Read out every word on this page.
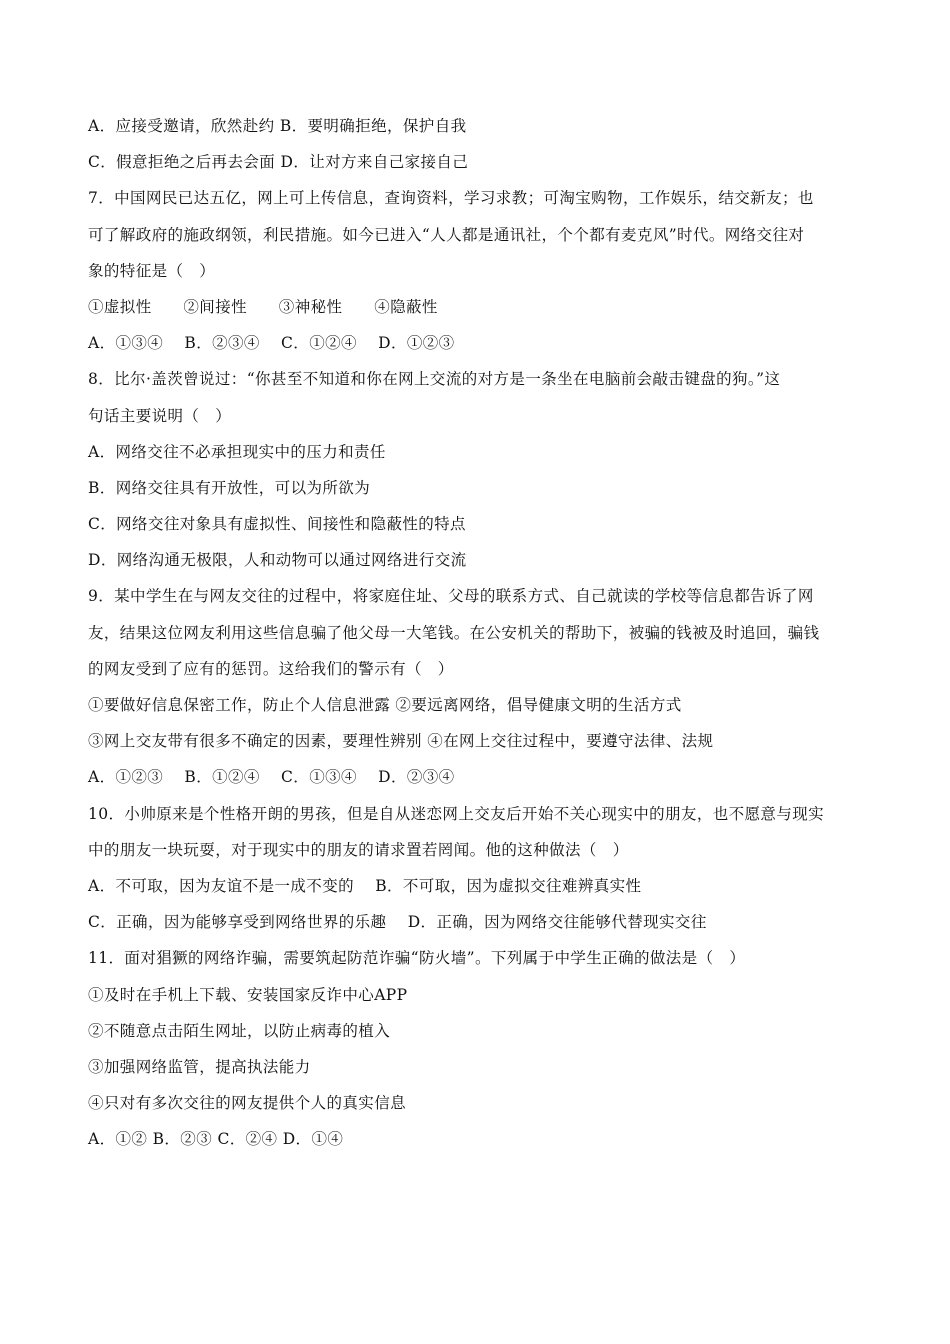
A．应接受邀请，欣然赴约 B．要明确拒绝，保护自我
C．假意拒绝之后再去会面 D．让对方来自己家接自己
7．中国网民已达五亿，网上可上传信息，查询资料，学习求教；可淘宝购物，工作娱乐，结交新友；也
可了解政府的施政纲领，利民措施。如今已进入“人人都是通讯社，个个都有麦克风”时代。网络交往对
象的特征是（　）
①虚拟性　　②间接性　　③神秘性　　④隐蔽性
A．①③④　 B．②③④　 C．①②④　 D．①②③
8．比尔·盖茨曾说过：“你甚至不知道和你在网上交流的对方是一条坐在电脑前会敲击键盘的狗。”这
句话主要说明（　）
A．网络交往不必承担现实中的压力和责任
B．网络交往具有开放性，可以为所欲为
C．网络交往对象具有虚拟性、间接性和隐蔽性的特点
D．网络沟通无极限，人和动物可以通过网络进行交流
9．某中学生在与网友交往的过程中，将家庭住址、父母的联系方式、自己就读的学校等信息都告诉了网
友，结果这位网友利用这些信息骗了他父母一大笔钱。在公安机关的帮助下，被骗的钱被及时追回，骗钱
的网友受到了应有的惩罚。这给我们的警示有（　）
①要做好信息保密工作，防止个人信息泄露 ②要远离网络，倡导健康文明的生活方式
③网上交友带有很多不确定的因素，要理性辨别 ④在网上交往过程中，要遵守法律、法规
A．①②③　 B．①②④　 C．①③④　 D．②③④
10．小帅原来是个性格开朗的男孩，但是自从迷恋网上交友后开始不关心现实中的朋友，也不愿意与现实
中的朋友一块玩耍，对于现实中的朋友的请求置若罔闻。他的这种做法（　）
A．不可取，因为友谊不是一成不变的　 B．不可取，因为虚拟交往难辨真实性
C．正确，因为能够享受到网络世界的乐趣　 D．正确，因为网络交往能够代替现实交往
11．面对猖獗的网络诈骗，需要筑起防范诈骗“防火墙”。下列属于中学生正确的做法是（　）
①及时在手机上下载、安装国家反诈中心APP
②不随意点击陌生网址，以防止病毒的植入
③加强网络监管，提高执法能力
④只对有多次交往的网友提供个人的真实信息
A．①② B．②③ C．②④ D．①④
